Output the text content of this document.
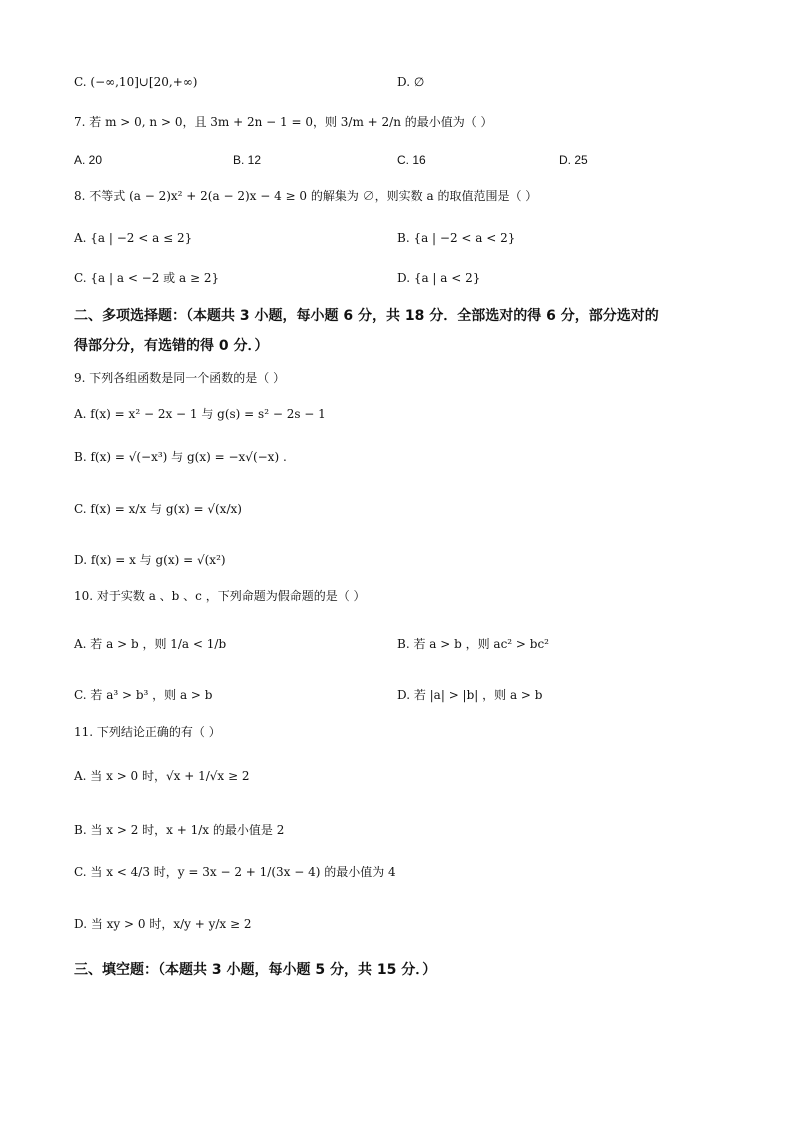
C. (−∞,10]∪[20,+∞)	D. ∅
7. 若 m > 0, n > 0，且 3m + 2n − 1 = 0，则 3/m + 2/n 的最小值为（ ）
A. 20	B. 12	C. 16	D. 25
8. 不等式 (a − 2)x² + 2(a − 2)x − 4 ≥ 0 的解集为 ∅，则实数 a 的取值范围是（ ）
A. {a | −2 < a ≤ 2}	B. {a | −2 < a < 2}
C. {a | a < −2 或 a ≥ 2}	D. {a | a < 2}
二、多项选择题：（本题共 3 小题，每小题 6 分，共 18 分．全部选对的得 6 分，部分选对的
得部分分，有选错的得 0 分．）
9. 下列各组函数是同一个函数的是（ ）
A. f(x) = x² − 2x − 1 与 g(s) = s² − 2s − 1
B. f(x) = √(−x³) 与 g(x) = −x√(−x) .
C. f(x) = x/x 与 g(x) = √(x/x)
D. f(x) = x 与 g(x) = √(x²)
10. 对于实数 a 、b 、c ，下列命题为假命题的是（ ）
A. 若 a > b ，则 1/a < 1/b	B. 若 a > b ，则 ac² > bc²
C. 若 a³ > b³ ，则 a > b	D. 若 |a| > |b| ，则 a > b
11. 下列结论正确的有（ ）
A. 当 x > 0 时，√x + 1/√x ≥ 2
B. 当 x > 2 时，x + 1/x 的最小值是 2
C. 当 x < 4/3 时，y = 3x − 2 + 1/(3x − 4) 的最小值为 4
D. 当 xy > 0 时，x/y + y/x ≥ 2
三、填空题：（本题共 3 小题，每小题 5 分，共 15 分．）
